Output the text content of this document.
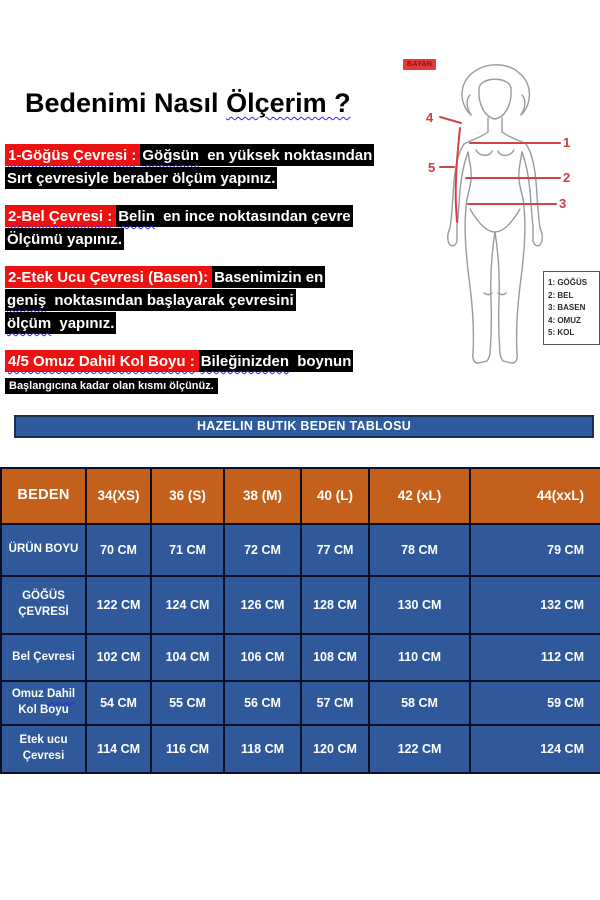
Bedenimi Nasıl Ölçerim ?
1-Göğüs Çevresi : Göğsün en yüksek noktasından
Sırt çevresiyle beraber ölçüm yapınız.
2-Bel Çevresi : Belin en ince noktasından çevre
Ölçümü yapınız.
2-Etek Ucu Çevresi (Basen): Basenimizin en
geniş noktasından başlayarak çevresini
ölçüm yapınız.
4/5 Omuz Dahil Kol Boyu : Bileğinizden boynun
Başlangıcına kadar olan kısmı ölçünüz.
BAYAN
1
2
3
4
5
1: GÖĞÜS
2: BEL
3: BASEN
4: OMUZ
5: KOL
HAZELIN BUTIK BEDEN TABLOSU
BEDEN	34(XS)	36 (S)	38 (M)	40 (L)	42 (xL)	44(xxL)

ÜRÜN BOYU	70 CM	71 CM	72 CM	77 CM	78 CM	79 CM

GÖĞÜS
ÇEVRESİ	122 CM	124 CM	126 CM	128 CM	130 CM	132 CM

Bel Çevresi	102 CM	104 CM	106 CM	108 CM	110 CM	112 CM

Omuz Dahil
Kol Boyu	54 CM	55 CM	56 CM	57 CM	58 CM	59 CM

Etek ucu
Çevresi	114 CM	116 CM	118 CM	120 CM	122 CM	124 CM
